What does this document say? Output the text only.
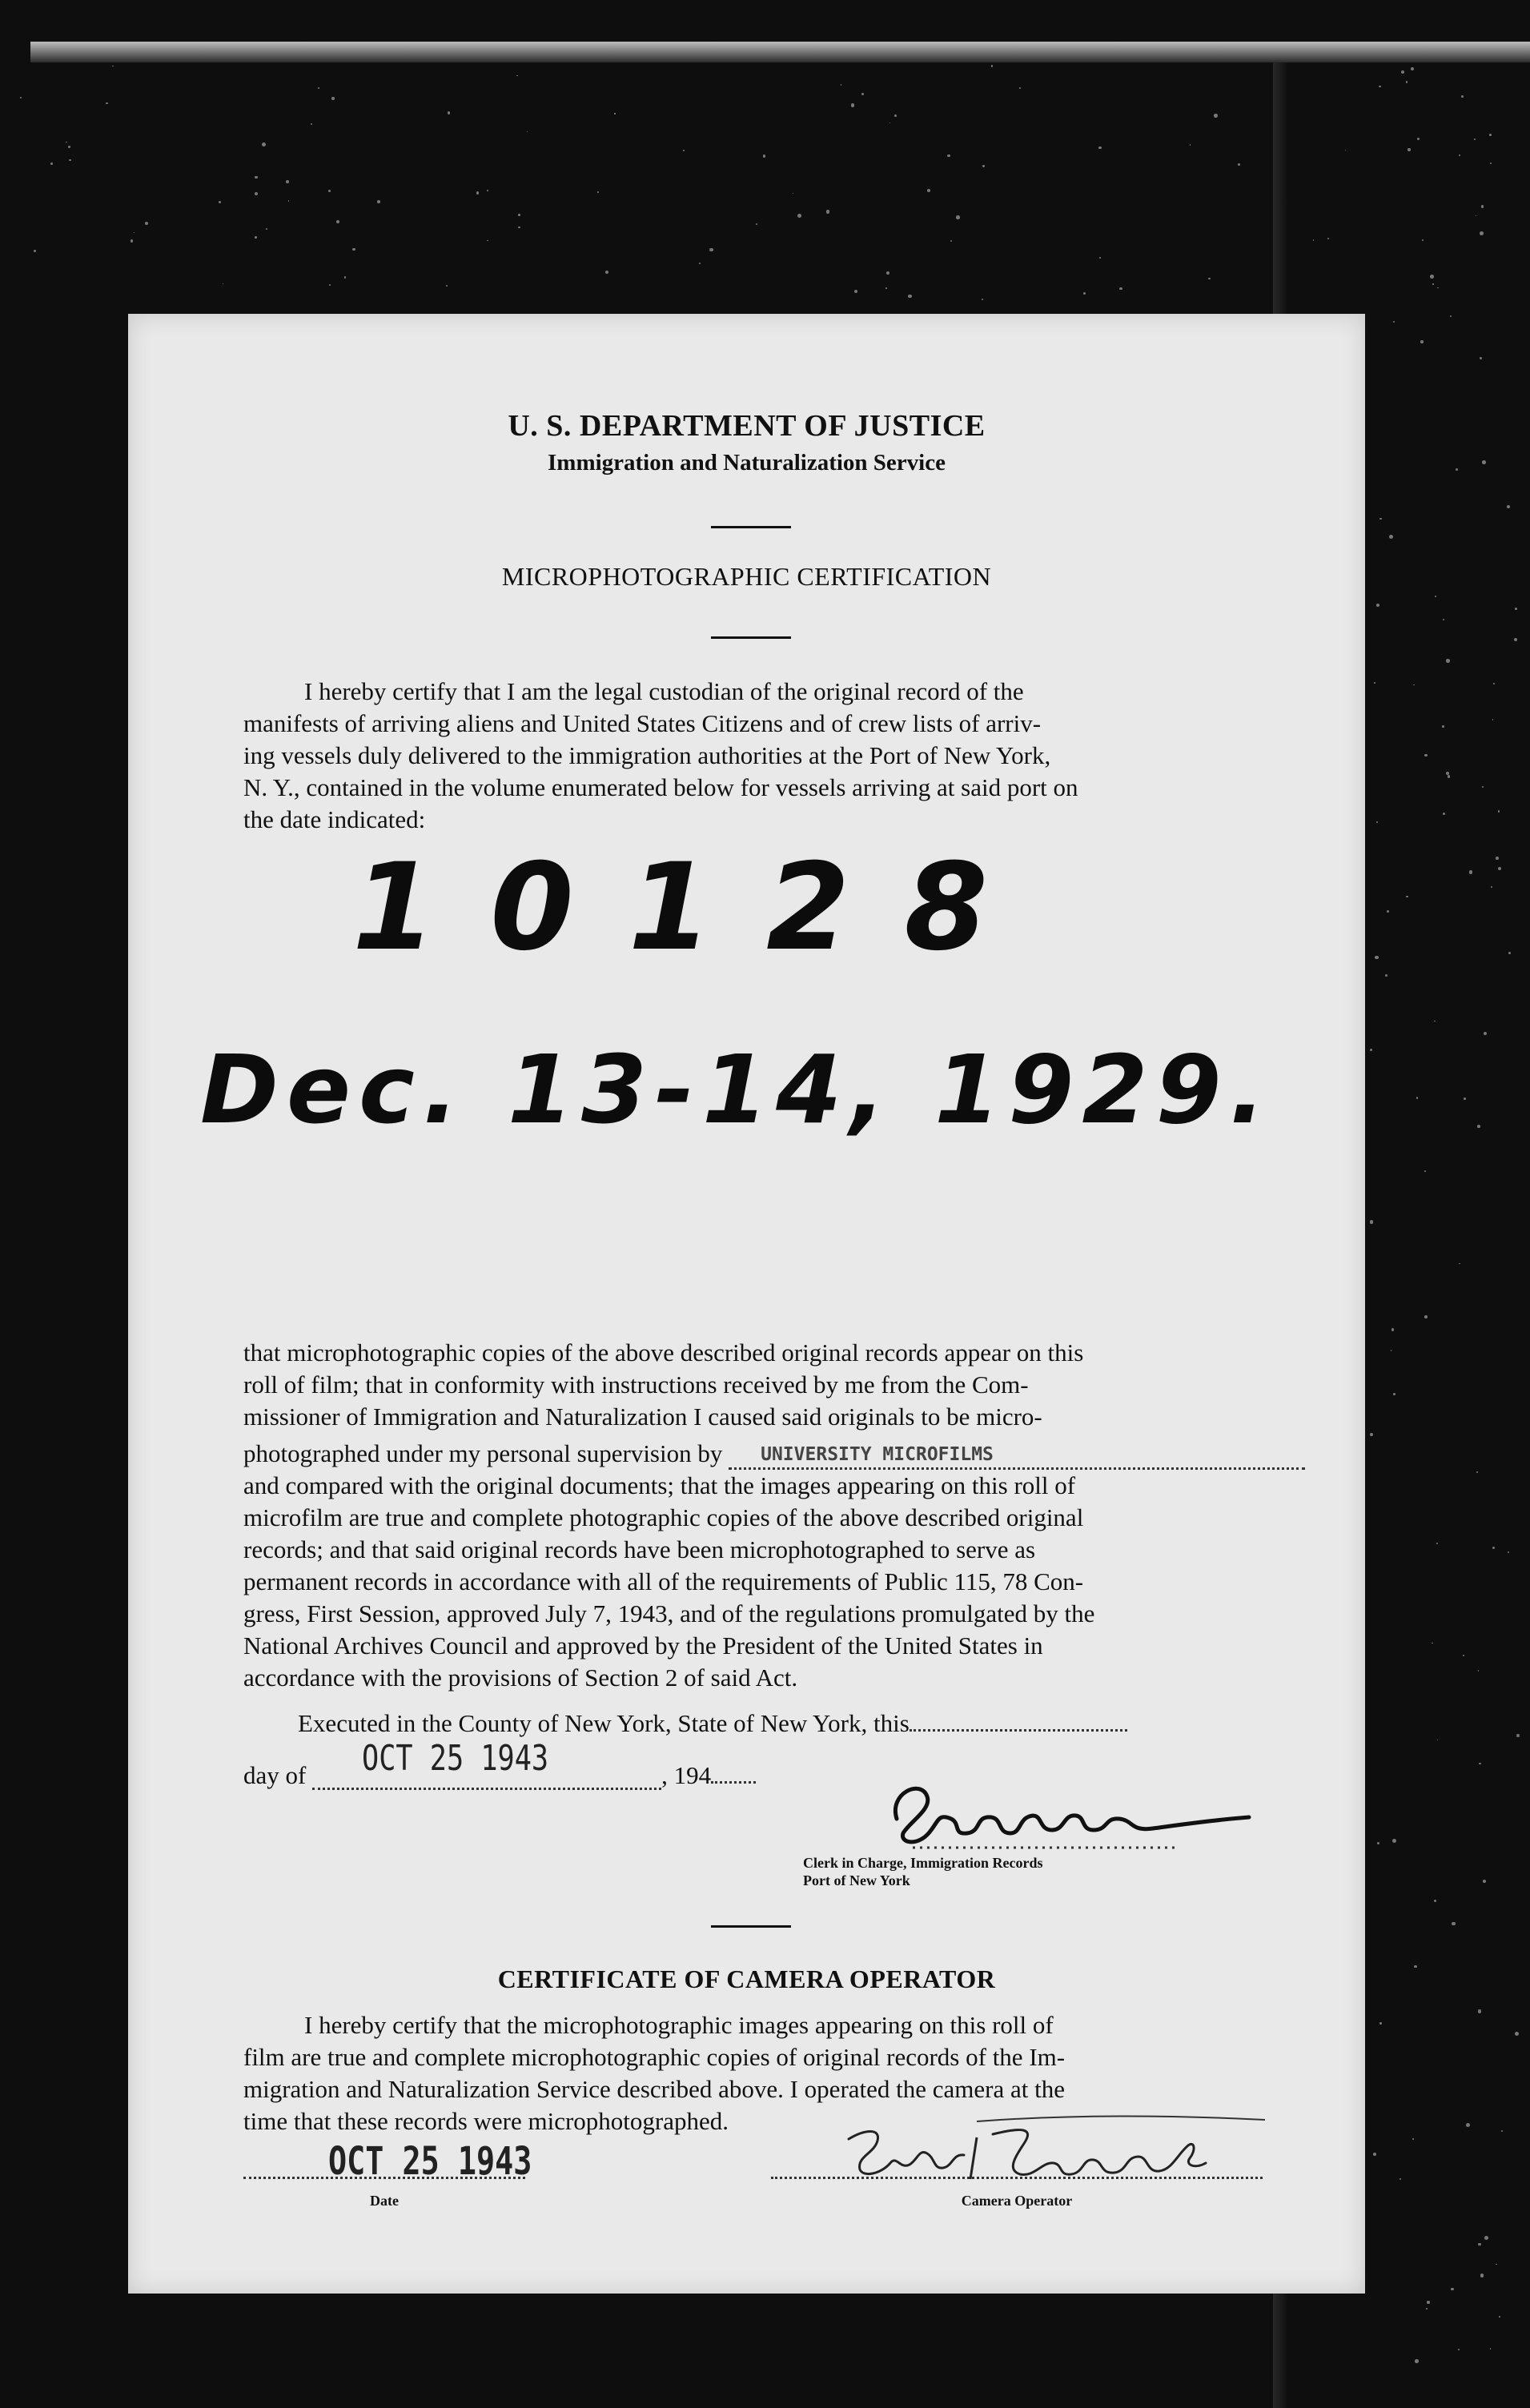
U. S. DEPARTMENT OF JUSTICE
Immigration and Naturalization Service
MICROPHOTOGRAPHIC CERTIFICATION

I hereby certify that I am the legal custodian of the original record of the

manifests of arriving aliens and United States Citizens and of crew lists of arriv-

ing vessels duly delivered to the immigration authorities at the Port of New York,

N. Y., contained in the volume enumerated below for vessels arriving at said port on

the date indicated:

10128
Dec. 13-14, 1929.

that microphotographic copies of the above described original records appear on this

roll of film; that in conformity with instructions received by me from the Com-

missioner of Immigration and Naturalization I caused said originals to be micro-

photographed under my personal supervision by UNIVERSITY MICROFILMS

and compared with the original documents; that the images appearing on this roll of

microfilm are true and complete photographic copies of the above described original

records; and that said original records have been microphotographed to serve as

permanent records in accordance with all of the requirements of Public 115, 78 Con-

gress, First Session, approved July 7, 1943, and of the regulations promulgated by the

National Archives Council and approved by the President of the United States in

accordance with the provisions of Section 2 of said Act.

Executed in the County of New York, State of New York, this
day of OCT 25 1943	, 194
Clerk in Charge, Immigration Records
Port of New York
CERTIFICATE OF CAMERA OPERATOR

I hereby certify that the microphotographic images appearing on this roll of

film are true and complete microphotographic copies of original records of the Im-

migration and Naturalization Service described above. I operated the camera at the

time that these records were microphotographed.

OCT 25 1943
Date	Camera Operator
